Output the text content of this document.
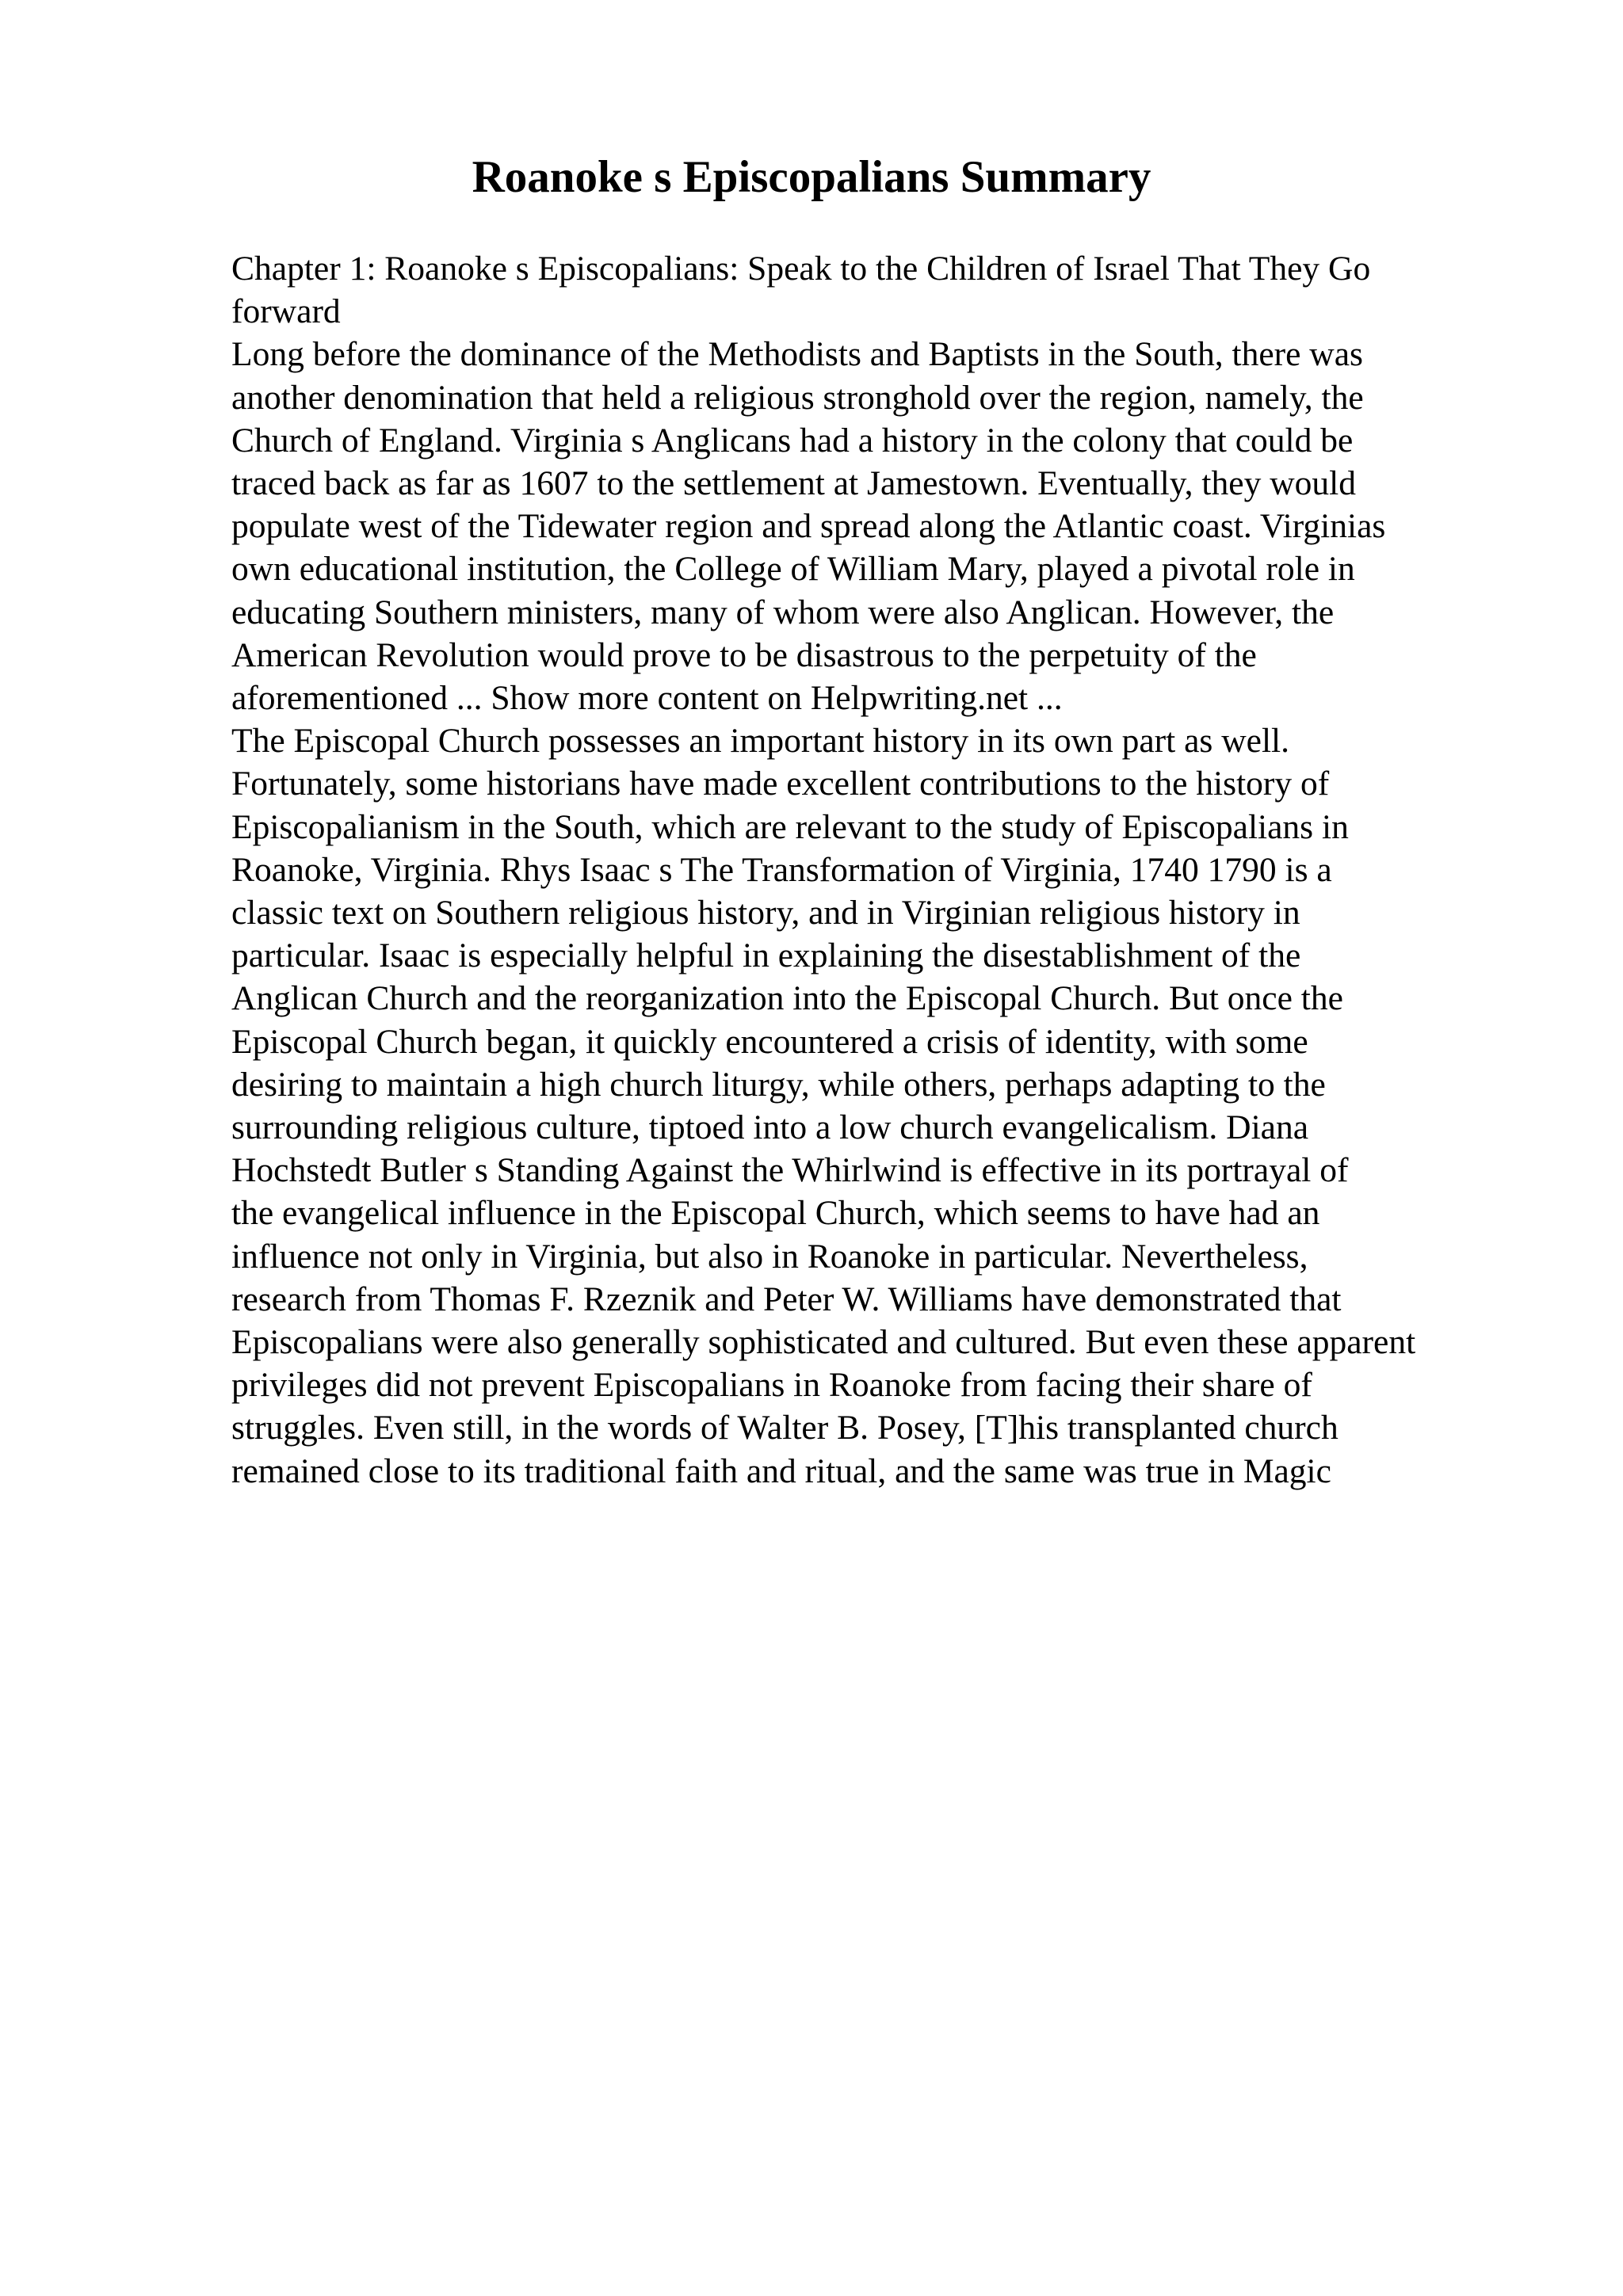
Roanoke s Episcopalians Summary
Chapter 1: Roanoke s Episcopalians: Speak to the Children of Israel That They Go
forward
Long before the dominance of the Methodists and Baptists in the South, there was
another denomination that held a religious stronghold over the region, namely, the
Church of England. Virginia s Anglicans had a history in the colony that could be
traced back as far as 1607 to the settlement at Jamestown. Eventually, they would
populate west of the Tidewater region and spread along the Atlantic coast. Virginias
own educational institution, the College of William Mary, played a pivotal role in
educating Southern ministers, many of whom were also Anglican. However, the
American Revolution would prove to be disastrous to the perpetuity of the
aforementioned ... Show more content on Helpwriting.net ...
The Episcopal Church possesses an important history in its own part as well.
Fortunately, some historians have made excellent contributions to the history of
Episcopalianism in the South, which are relevant to the study of Episcopalians in
Roanoke, Virginia. Rhys Isaac s The Transformation of Virginia, 1740 1790 is a
classic text on Southern religious history, and in Virginian religious history in
particular. Isaac is especially helpful in explaining the disestablishment of the
Anglican Church and the reorganization into the Episcopal Church. But once the
Episcopal Church began, it quickly encountered a crisis of identity, with some
desiring to maintain a high church liturgy, while others, perhaps adapting to the
surrounding religious culture, tiptoed into a low church evangelicalism. Diana
Hochstedt Butler s Standing Against the Whirlwind is effective in its portrayal of
the evangelical influence in the Episcopal Church, which seems to have had an
influence not only in Virginia, but also in Roanoke in particular. Nevertheless,
research from Thomas F. Rzeznik and Peter W. Williams have demonstrated that
Episcopalians were also generally sophisticated and cultured. But even these apparent
privileges did not prevent Episcopalians in Roanoke from facing their share of
struggles. Even still, in the words of Walter B. Posey, [T]his transplanted church
remained close to its traditional faith and ritual, and the same was true in Magic
